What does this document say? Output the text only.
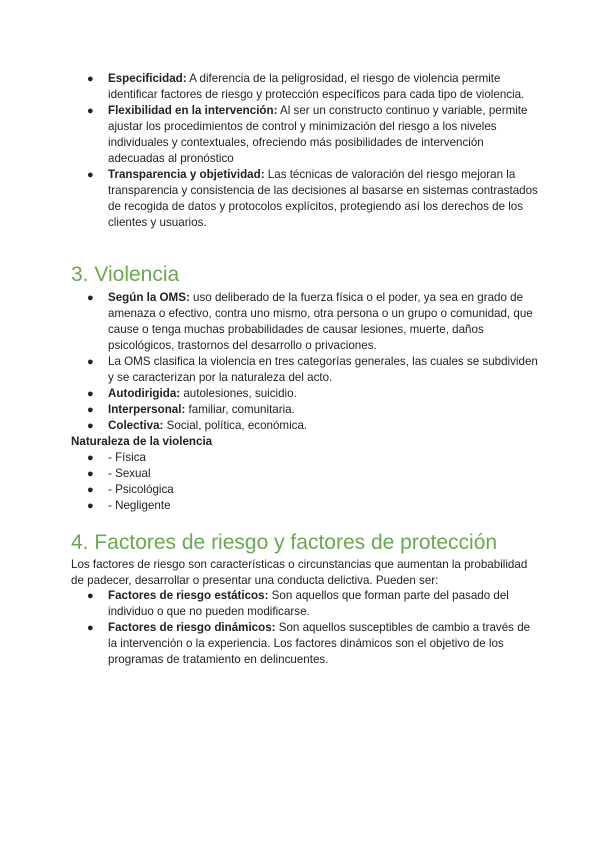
● Especificidad: A diferencia de la peligrosidad, el riesgo de violencia permite identificar factores de riesgo y protección específicos para cada tipo de violencia.
● Flexibilidad en la intervención: Al ser un constructo continuo y variable, permite ajustar los procedimientos de control y minimización del riesgo a los niveles individuales y contextuales, ofreciendo más posibilidades de intervención adecuadas al pronóstico
● Transparencia y objetividad: Las técnicas de valoración del riesgo mejoran la transparencia y consistencia de las decisiones al basarse en sistemas contrastados de recogida de datos y protocolos explícitos, protegiendo así los derechos de los clientes y usuarios.
3. Violencia
● Según la OMS: uso deliberado de la fuerza física o el poder, ya sea en grado de amenaza o efectivo, contra uno mismo, otra persona o un grupo o comunidad, que cause o tenga muchas probabilidades de causar lesiones, muerte, daños psicológicos, trastornos del desarrollo o privaciones.
● La OMS clasifica la violencia en tres categorías generales, las cuales se subdividen y se caracterizan por la naturaleza del acto.
● Autodirigida: autolesiones, suicidio.
● Interpersonal: familiar, comunitaria.
● Colectiva: Social, política, económica.
Naturaleza de la violencia
● - Física
● - Sexual
● - Psicológica
● - Negligente
4. Factores de riesgo y factores de protección

Los factores de riesgo son características o circunstancias que aumentan la probabilidad de padecer, desarrollar o presentar una conducta delictiva. Pueden ser:

● Factores de riesgo estáticos: Son aquellos que forman parte del pasado del individuo o que no pueden modificarse.
● Factores de riesgo dinámicos: Son aquellos susceptibles de cambio a través de la intervención o la experiencia. Los factores dinámicos son el objetivo de los programas de tratamiento en delincuentes.
